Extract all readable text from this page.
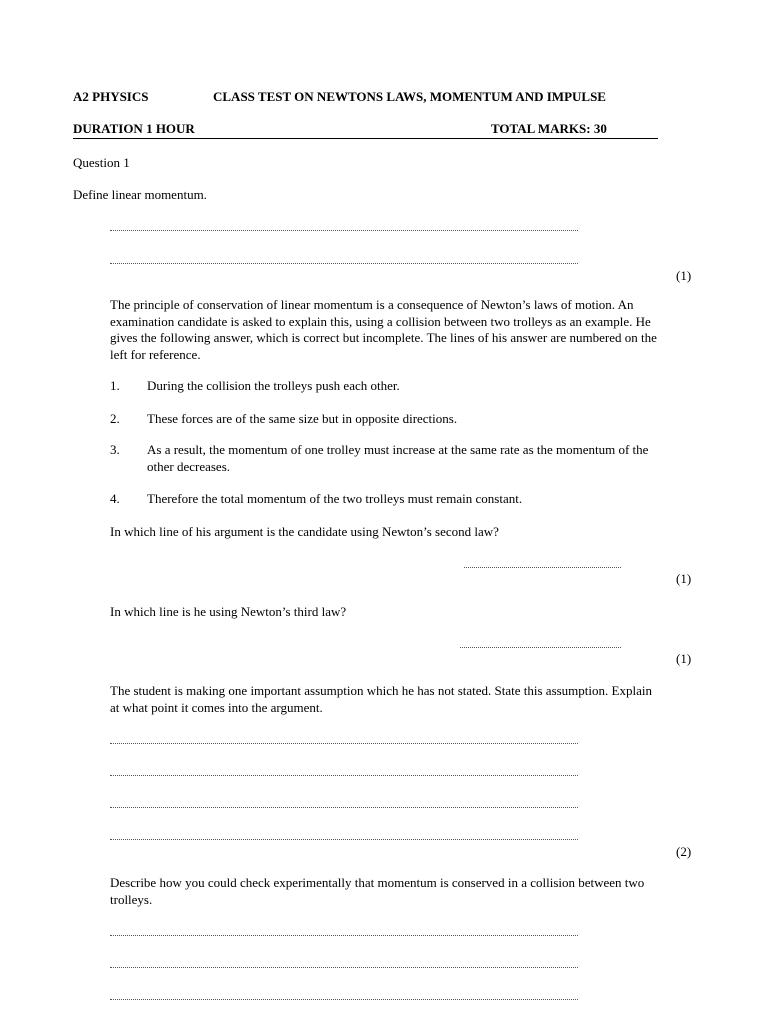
A2 PHYSICS	CLASS TEST ON NEWTONS LAWS, MOMENTUM AND IMPULSE
DURATION 1 HOUR	TOTAL MARKS: 30
Question 1
Define linear momentum.
(1)
The principle of conservation of linear momentum is a consequence of Newton’s laws of motion. An examination candidate is asked to explain this, using a collision between two trolleys as an example. He gives the following answer, which is correct but incomplete. The lines of his answer are numbered on the left for reference.
1. During the collision the trolleys push each other.
2. These forces are of the same size but in opposite directions.
3. As a result, the momentum of one trolley must increase at the same rate as the momentum of the other decreases.
4. Therefore the total momentum of the two trolleys must remain constant.
In which line of his argument is the candidate using Newton’s second law?
(1)
In which line is he using Newton’s third law?
(1)
The student is making one important assumption which he has not stated. State this assumption. Explain at what point it comes into the argument.
(2)
Describe how you could check experimentally that momentum is conserved in a collision between two trolleys.
